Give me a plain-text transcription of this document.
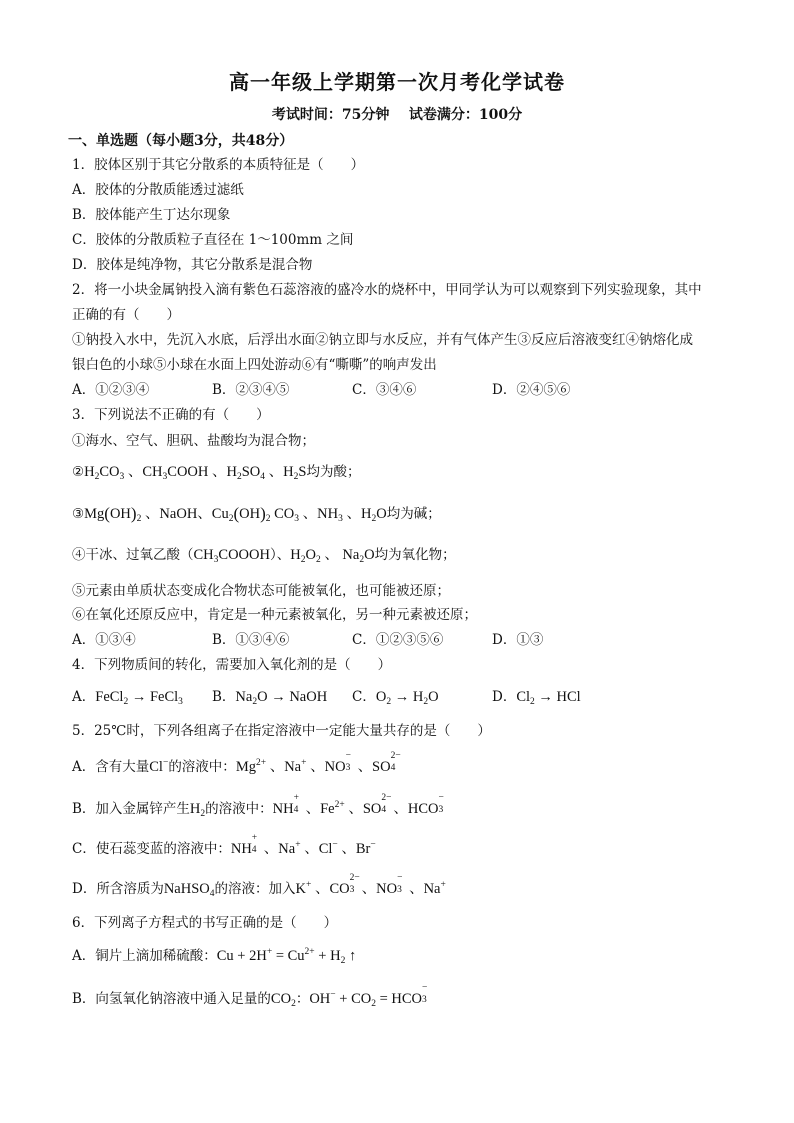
高一年级上学期第一次月考化学试卷
考试时间：75分钟 试卷满分：100分
一、单选题（每小题3分，共48分）
1．胶体区别于其它分散系的本质特征是（　　）
A．胶体的分散质能透过滤纸
B．胶体能产生丁达尔现象
C．胶体的分散质粒子直径在 1～100mm 之间
D．胶体是纯净物，其它分散系是混合物
2．将一小块金属钠投入滴有紫色石蕊溶液的盛冷水的烧杯中，甲同学认为可以观察到下列实验现象，其中
正确的有（　　）
①钠投入水中，先沉入水底，后浮出水面②钠立即与水反应，并有气体产生③反应后溶液变红④钠熔化成
银白色的小球⑤小球在水面上四处游动⑥有“嘶嘶”的响声发出
A．①②③④	B．②③④⑤	C．③④⑥	D．②④⑤⑥
3．下列说法不正确的有（　　）
①海水、空气、胆矾、盐酸均为混合物；
$②H_2CO_3$ 、$CH_3COOH$ 、$H_2SO_4$ 、$H_2S$均为酸；
$③Mg(OH)_2$ 、NaOH、$Cu_2(OH)_2$ $CO_3$ 、$NH_3$ 、$H_2O$均为碱；
④干冰、过氧乙酸$(CH_3COOOH)$、$H_2O_2$ 、 $Na_2O$均为氧化物；
⑤元素由单质状态变成化合物状态可能被氧化，也可能被还原；
⑥在氧化还原反应中，肯定是一种元素被氧化，另一种元素被还原；
A．①③④	B．①③④⑥	C．①②③⑤⑥	D．①③
4．下列物质间的转化，需要加入氧化剂的是（　　）
A．FeCl$_2$ → FeCl$_3$ B．$Na_2O$ → NaOH C．$O_2 \to H_2O$	D．$Cl_2$ → HCl
5．25℃时，下列各组离子在指定溶液中一定能大量共存的是（　　）
A．含有大量Cl−的溶液中：$Mg^{2+}$ 、Na+ 、NO
−
3 、SO
2−
4
B．加入金属锌产生$H_2$的溶液中：NH
+
4 、$Fe^{2+}$ 、SO
2−
4 、HCO
−
3
C．使石蕊变蓝的溶液中：NH
+
4 、Na+ 、Cl− 、Br−
D．所含溶质为NaHSO$_4$的溶液：加入K+ 、CO
2−
3 、NO
−
3 、Na+
6．下列离子方程式的书写正确的是（　　）
A．铜片上滴加稀硫酸：$Cu + 2H^+ = Cu^{2+} + H_2$ ↑
B．向氢氧化钠溶液中通入足量的$CO_2$：$OH^- + CO_2$ = HCO
−
3
